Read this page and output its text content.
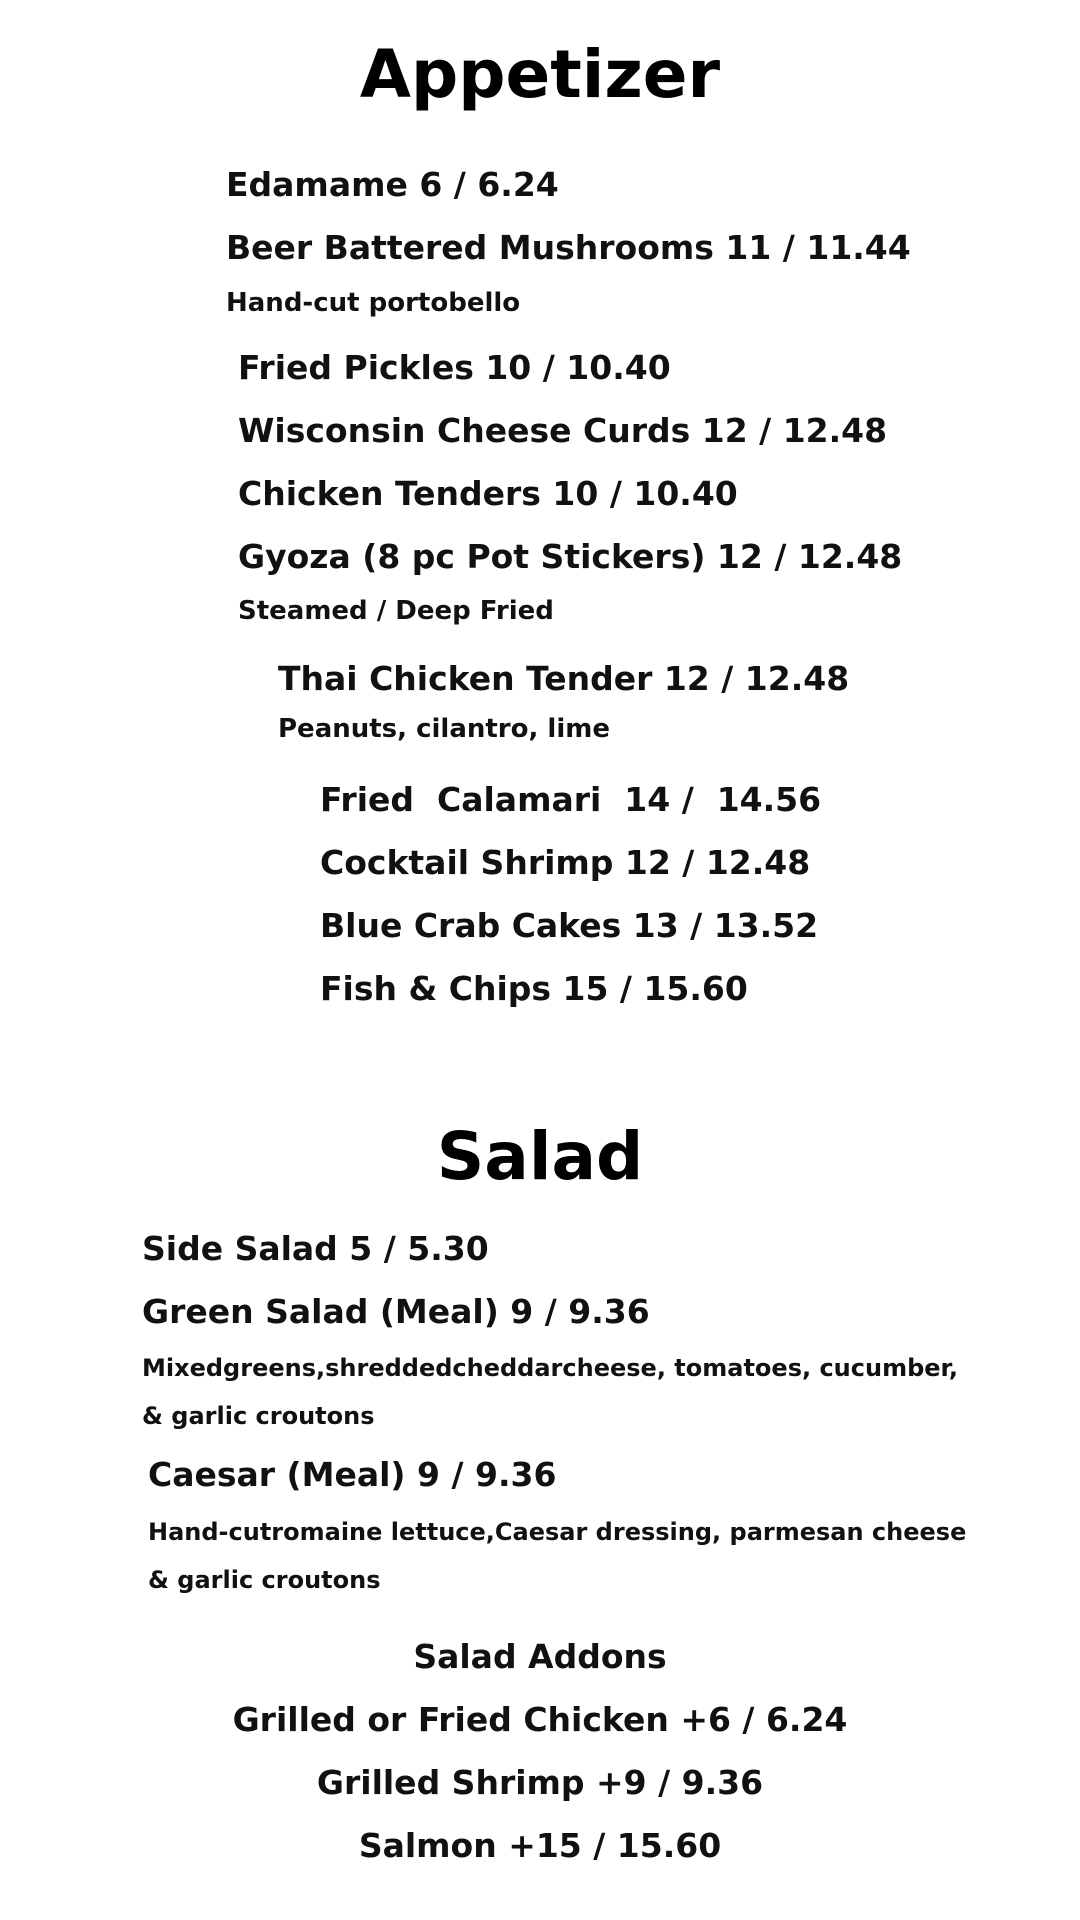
Appetizer
Edamame 6 / 6.24
Beer Battered Mushrooms 11 / 11.44
Hand-cut portobello
Fried Pickles 10 / 10.40
Wisconsin Cheese Curds 12 / 12.48
Chicken Tenders 10 / 10.40
Gyoza (8 pc Pot Stickers) 12 / 12.48
Steamed / Deep Fried
Thai Chicken Tender 12 / 12.48
Peanuts, cilantro, lime
Fried  Calamari  14 /  14.56
Cocktail Shrimp 12 / 12.48
Blue Crab Cakes 13 / 13.52
Fish & Chips 15 / 15.60
Salad
Side Salad 5 / 5.30
Green Salad (Meal) 9 / 9.36
Mixedgreens,shreddedcheddarcheese, tomatoes, cucumber,
& garlic croutons
Caesar (Meal) 9 / 9.36
Hand-cutromaine lettuce,Caesar dressing, parmesan cheese
& garlic croutons
Salad Addons
Grilled or Fried Chicken +6 / 6.24
Grilled Shrimp +9 / 9.36
Salmon +15 / 15.60
